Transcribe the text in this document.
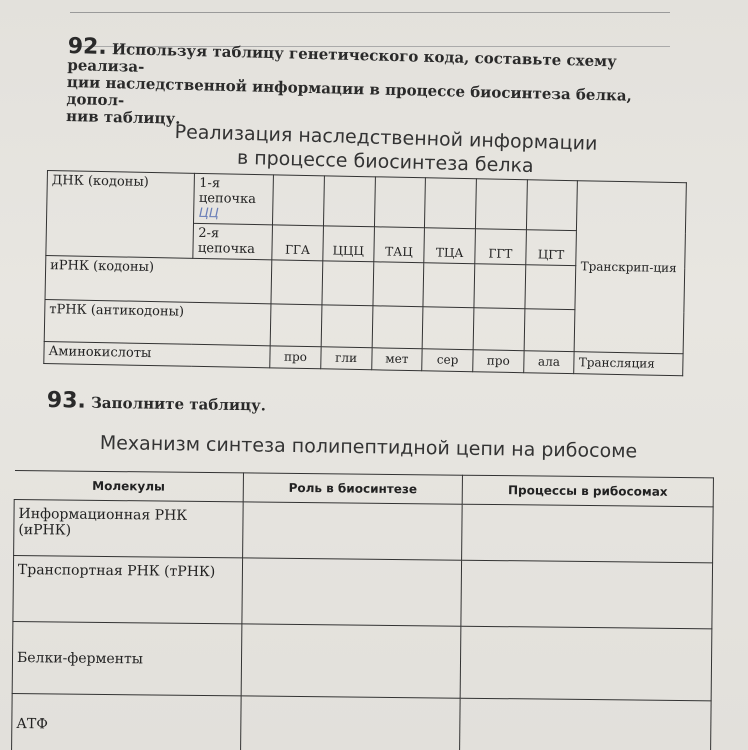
92. Используя таблицу генетического кода, составьте схему реализа-
ции наследственной информации в процессе биосинтеза белка, допол-
нив таблицу.
Реализация наследственной информации
в процессе биосинтеза белка
ДНК (кодоны)	1-я цепочка ЦЦ							Транскрип-ция
	2-я цепочка	ГГА	ЦЦЦ	ТАЦ	ТЦА	ГГТ	ЦГТ	
иРНК (кодоны)								
тРНК (антикодоны)								
Аминокислоты		про	гли	мет	сер	про	ала	Трансляция
93. Заполните таблицу.
Механизм синтеза полипептидной цепи на рибосоме
Молекулы	Роль в биосинтезе	Процессы в рибосомах
Информационная РНК (иРНК)		
Транспортная РНК (тРНК)		
Белки-ферменты		
АТФ		
